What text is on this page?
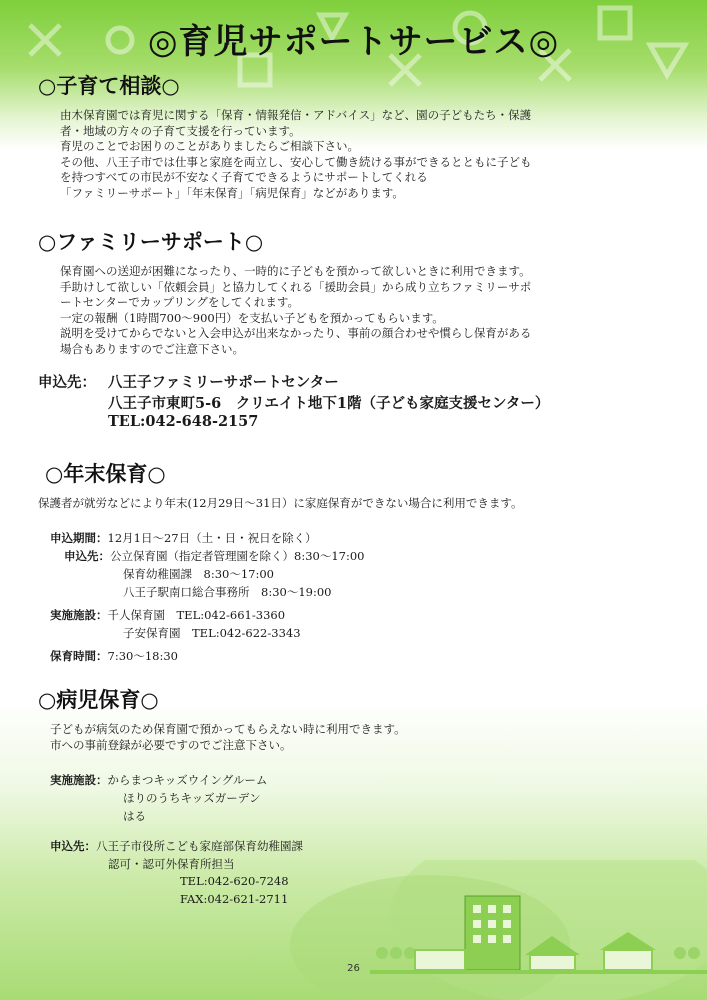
◎育児サポートサービス◎
○子育て相談○
由木保育園では育児に関する「保育・情報発信・アドバイス」など、園の子どもたち・保護
者・地域の方々の子育て支援を行っています。
育児のことでお困りのことがありましたらご相談下さい。
その他、八王子市では仕事と家庭を両立し、安心して働き続ける事ができるとともに子ども
を持つすべての市民が不安なく子育てできるようにサポートしてくれる
「ファミリーサポート」「年末保育」「病児保育」などがあります。
○ファミリーサポート○
保育園への送迎が困難になったり、一時的に子どもを預かって欲しいときに利用できます。
手助けして欲しい「依頼会員」と協力してくれる「援助会員」から成り立ちファミリーサポ
ートセンターでカップリングをしてくれます。
一定の報酬（1時間700～900円）を支払い子どもを預かってもらいます。
説明を受けてからでないと入会申込が出来なかったり、事前の顔合わせや慣らし保育がある
場合もありますのでご注意下さい。
申込先： 八王子ファミリーサポートセンター
八王子市東町5-6　クリエイト地下1階（子ども家庭支援センター）
TEL:042-648-2157
○年末保育○
保護者が就労などにより年末(12月29日～31日）に家庭保育ができない場合に利用できます。
申込期間：12月1日～27日（土・日・祝日を除く）
申込先：公立保育園（指定者管理園を除く）8:30～17:00
保育幼稚園課　8:30～17:00
八王子駅南口総合事務所　8:30～19:00
実施施設：千人保育園　TEL:042-661-3360
子安保育園　TEL:042-622-3343
保育時間：7:30～18:30
○病児保育○
子どもが病気のため保育園で預かってもらえない時に利用できます。
市への事前登録が必要ですのでご注意下さい。
実施施設：からまつキッズウイングルーム
ほりのうちキッズガーデン
はる
申込先：八王子市役所こども家庭部保育幼稚園課
認可・認可外保育所担当
TEL:042-620-7248
FAX:042-621-2711
26
